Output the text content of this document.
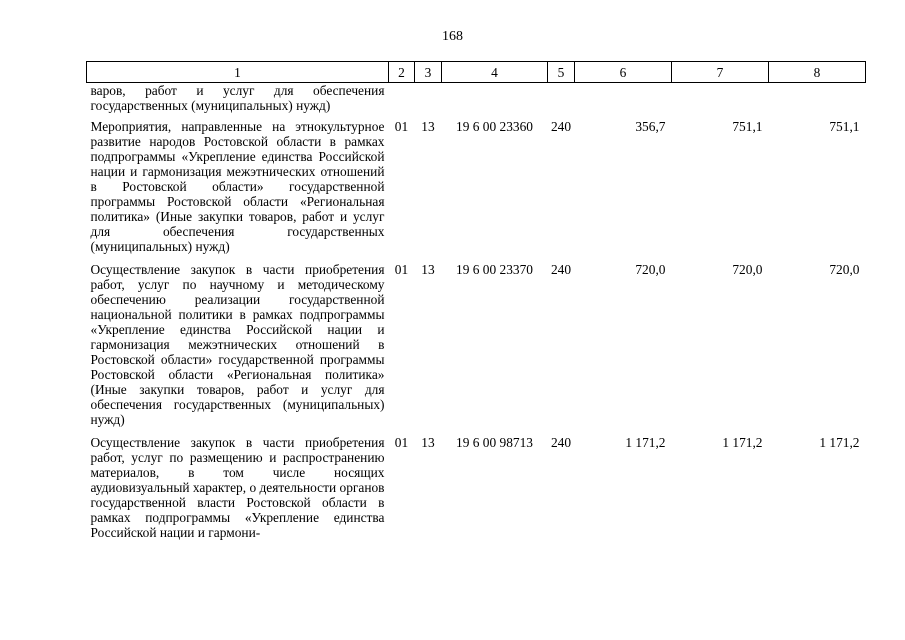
168
1	2	3	4	5	6	7	8
варов, работ и услуг для обеспечения государственных (муниципальных) нужд)							
Мероприятия, направленные на этнокультурное развитие народов Ростовской области в рамках подпрограммы «Укрепление единства Российской нации и гармонизация межэтнических отношений в Ростовской области» государственной программы Ростовской области «Региональная политика» (Иные закупки товаров, работ и услуг для обеспечения государственных (муниципальных) нужд)	01	13	19 6 00 23360	240	356,7	751,1	751,1
Осуществление закупок в части приобретения работ, услуг по научному и методическому обеспечению реализации государственной национальной политики в рамках подпрограммы «Укрепление единства Российской нации и гармонизация межэтнических отношений в Ростовской области» государственной программы Ростовской области «Региональная политика» (Иные закупки товаров, работ и услуг для обеспечения государственных (муниципальных) нужд)	01	13	19 6 00 23370	240	720,0	720,0	720,0
Осуществление закупок в части приобретения работ, услуг по размещению и распространению материалов, в том числе носящих аудиовизуальный характер, о деятельности органов государственной власти Ростовской области в рамках подпрограммы «Укрепление единства Российской нации и гармони-	01	13	19 6 00 98713	240	1 171,2	1 171,2	1 171,2
